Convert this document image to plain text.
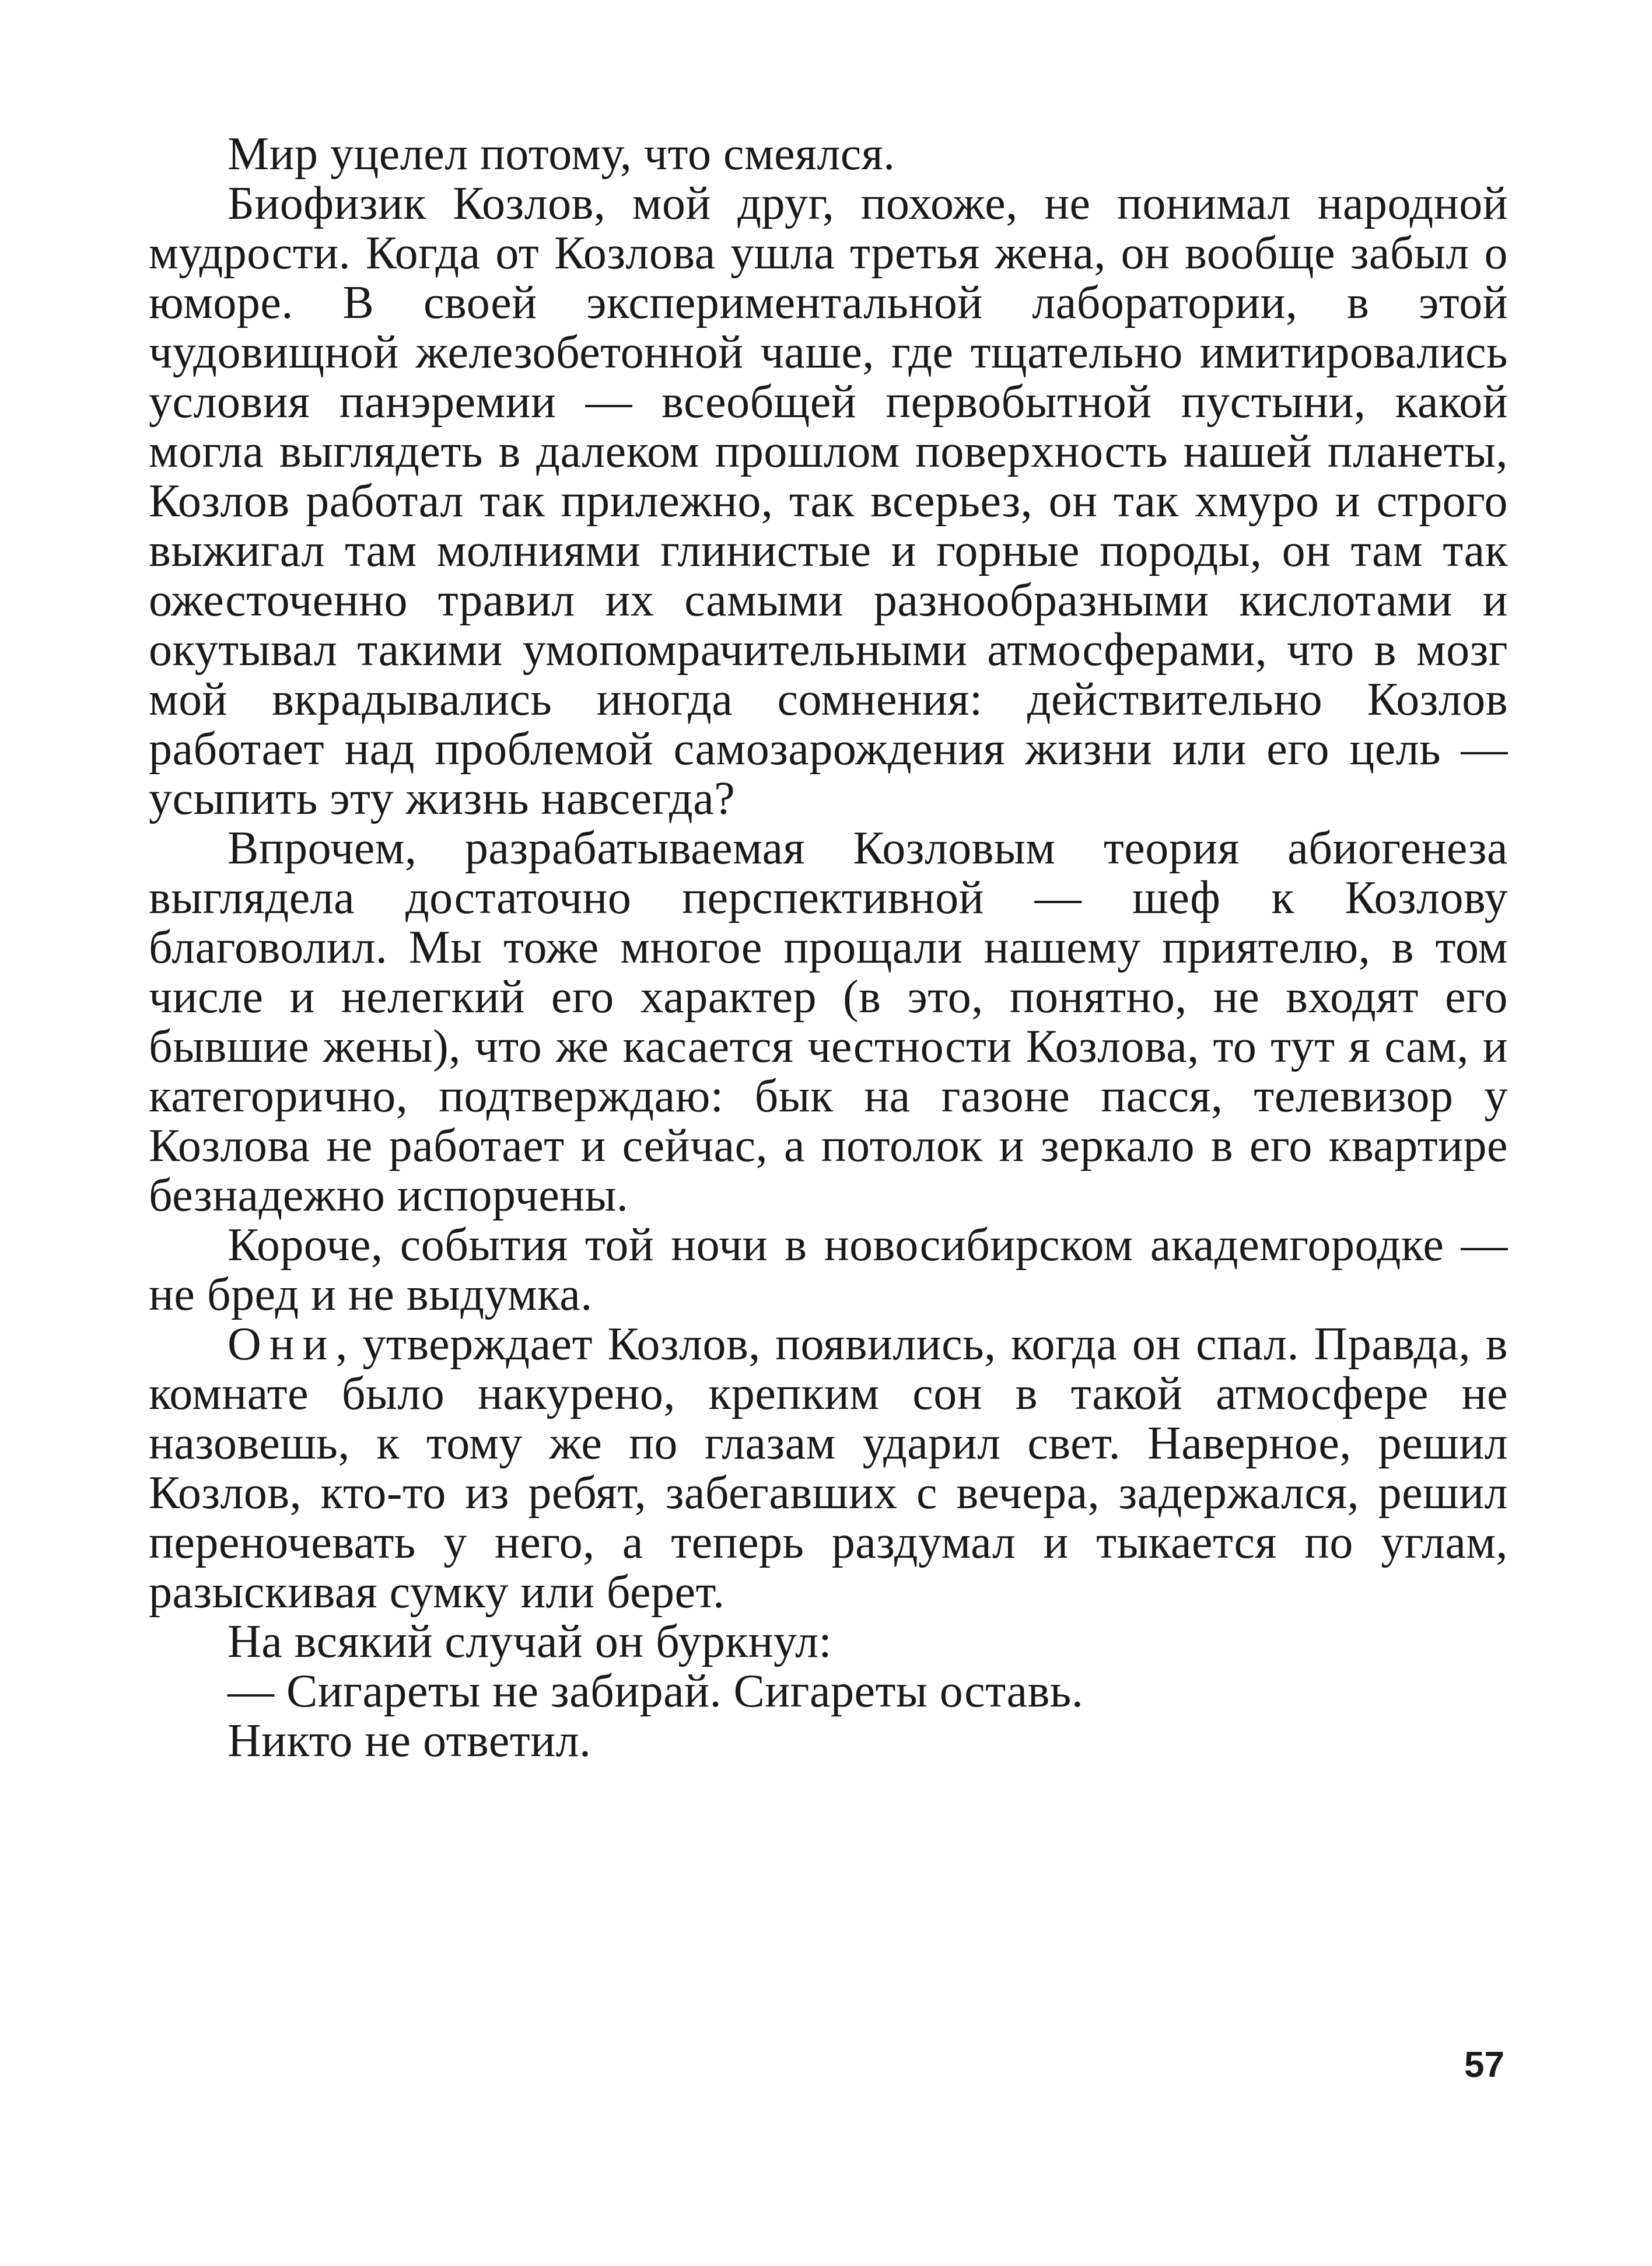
Мир уцелел потому, что смеялся.

Биофизик Козлов, мой друг, похоже, не понимал народной мудрости. Когда от Козлова ушла третья жена, он вообще забыл о юморе. В своей экспериментальной лаборатории, в этой чудовищной железобетонной чаше, где тщательно имитировались условия панэремии — всеобщей первобытной пустыни, какой могла выглядеть в далеком прошлом поверхность нашей планеты, Козлов работал так прилежно, так всерьез, он так хмуро и строго выжигал там молниями глинистые и горные породы, он там так ожесточенно травил их самыми разнообразными кислотами и окутывал такими умопомрачительными атмосферами, что в мозг мой вкрадывались иногда сомнения: действительно Козлов работает над проблемой самозарождения жизни или его цель — усыпить эту жизнь навсегда?

Впрочем, разрабатываемая Козловым теория абиогенеза выглядела достаточно перспективной — шеф к Козлову благоволил. Мы тоже многое прощали нашему приятелю, в том числе и нелегкий его характер (в это, понятно, не входят его бывшие жены), что же касается честности Козлова, то тут я сам, и категорично, подтверждаю: бык на газоне пасся, телевизор у Козлова не работает и сейчас, а потолок и зеркало в его квартире безнадежно испорчены.

Короче, события той ночи в новосибирском академгородке — не бред и не выдумка.

Они, утверждает Козлов, появились, когда он спал. Правда, в комнате было накурено, крепким сон в такой атмосфере не назовешь, к тому же по глазам ударил свет. Наверное, решил Козлов, кто-то из ребят, забегавших с вечера, задержался, решил переночевать у него, а теперь раздумал и тыкается по углам, разыскивая сумку или берет.

На всякий случай он буркнул:

— Сигареты не забирай. Сигареты оставь.

Никто не ответил.

57
